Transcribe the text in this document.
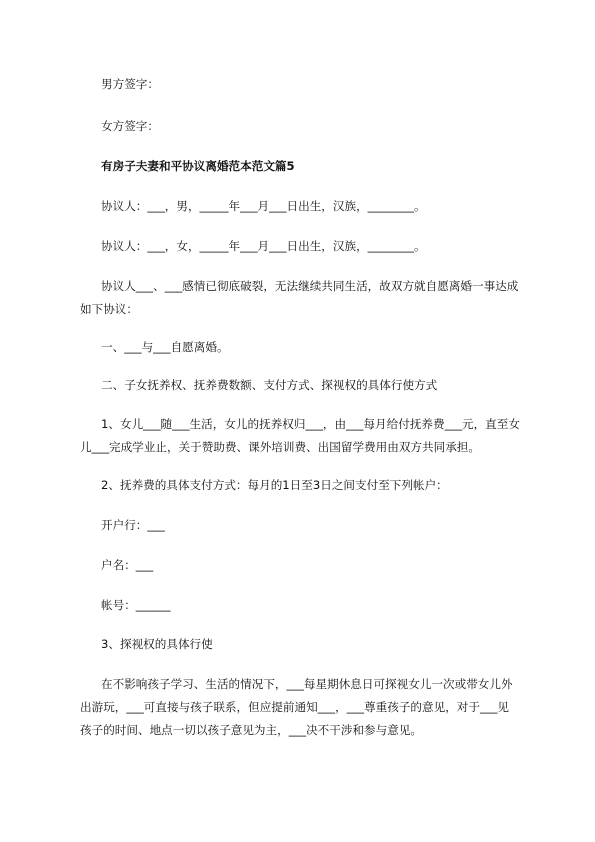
男方签字：

女方签字：

有房子夫妻和平协议离婚范本范文篇5

协议人：___，男，_____年___月___日出生，汉族，________。

协议人：___，女，_____年___月___日出生，汉族，________。

协议人___、___感情已彻底破裂，无法继续共同生活，故双方就自愿离婚一事达成如下协议：

一、___与___自愿离婚。

二、子女抚养权、抚养费数额、支付方式、探视权的具体行使方式

1、女儿___随___生活，女儿的抚养权归___，由___每月给付抚养费___元，直至女儿___完成学业止，关于赞助费、课外培训费、出国留学费用由双方共同承担。

2、抚养费的具体支付方式：每月的1日至3日之间支付至下列帐户：

开户行：___

户名：___

帐号：______

3、探视权的具体行使

在不影响孩子学习、生活的情况下，___每星期休息日可探视女儿一次或带女儿外出游玩，___可直接与孩子联系，但应提前通知___，___尊重孩子的意见，对于___见孩子的时间、地点一切以孩子意见为主，___决不干涉和参与意见。
